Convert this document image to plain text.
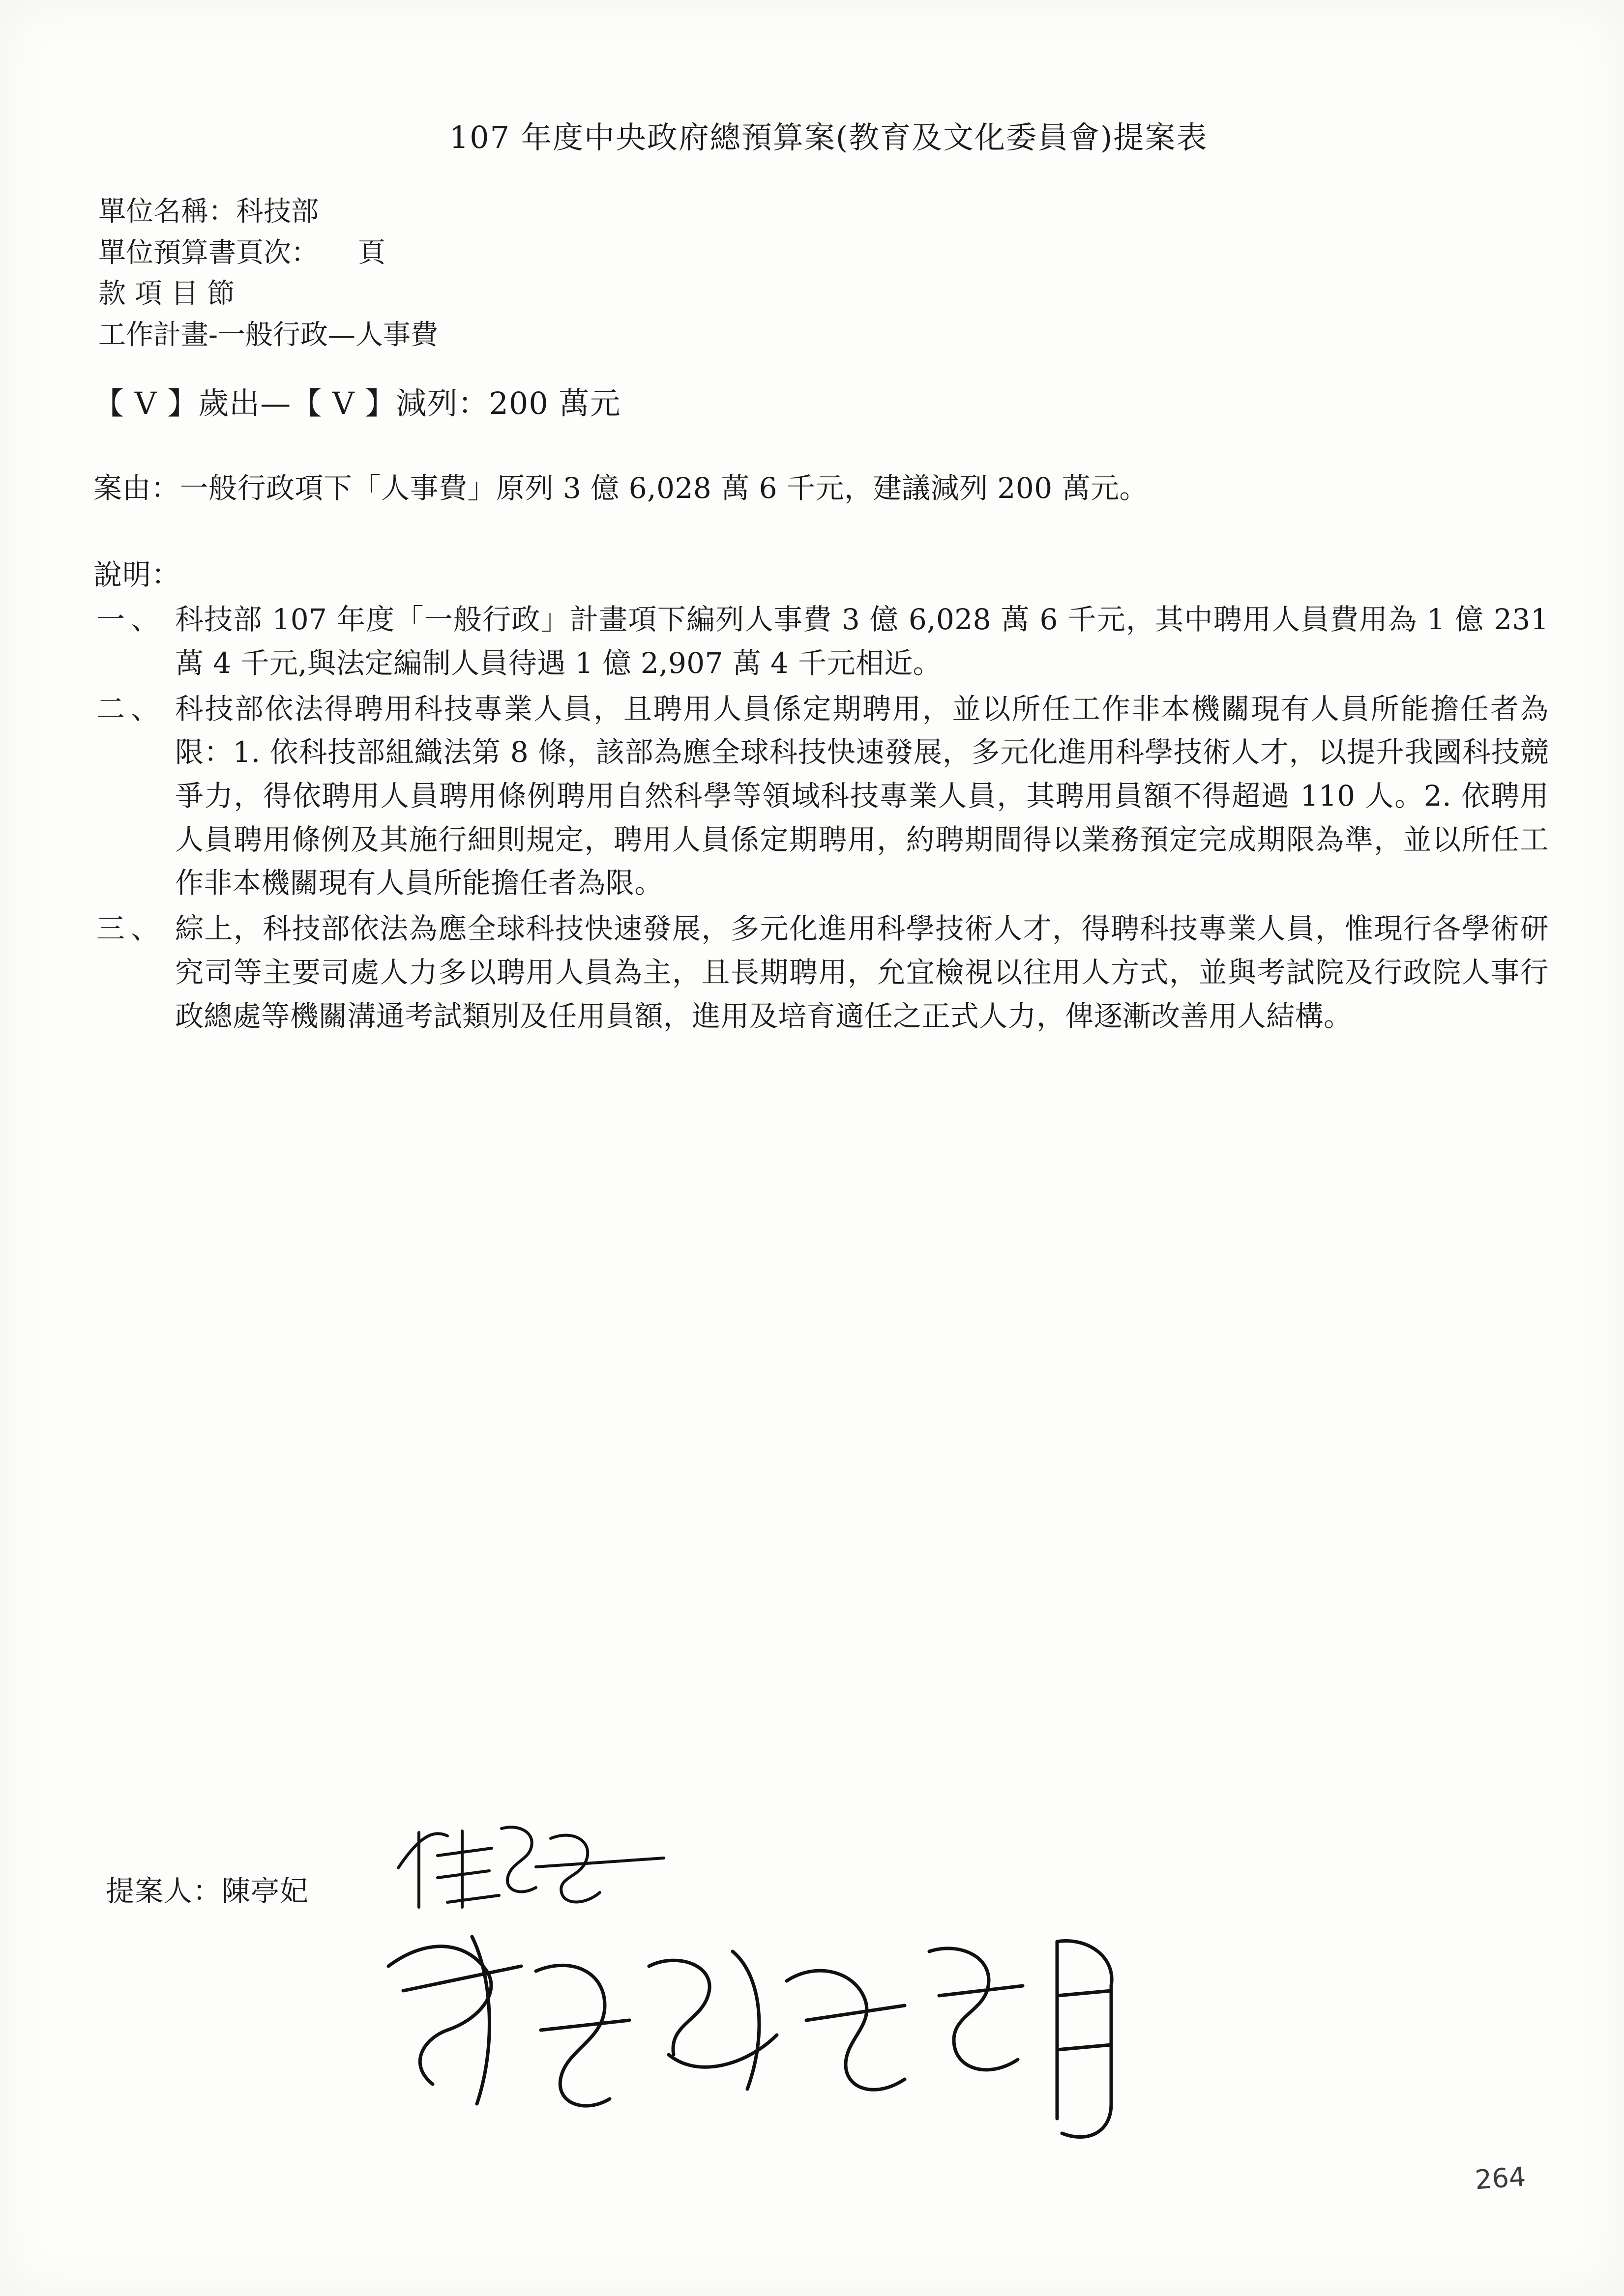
107 年度中央政府總預算案(教育及文化委員會)提案表
單位名稱：科技部
單位預算書頁次： 頁
款 項 目 節
工作計畫-一般行政—人事費
【 V 】歲出—【 V 】減列：200 萬元
案由：一般行政項下「人事費」原列 3 億 6,028 萬 6 千元，建議減列 200 萬元。
說明：
一、 科技部 107 年度「一般行政」計畫項下編列人事費 3 億 6,028 萬 6 千元，其中聘用人員費用為 1 億 231 萬 4 千元,與法定編制人員待遇 1 億 2,907 萬 4 千元相近。
二、 科技部依法得聘用科技專業人員，且聘用人員係定期聘用，並以所任工作非本機關現有人員所能擔任者為限：1. 依科技部組織法第 8 條，該部為應全球科技快速發展，多元化進用科學技術人才，以提升我國科技競爭力，得依聘用人員聘用條例聘用自然科學等領域科技專業人員，其聘用員額不得超過 110 人。2. 依聘用人員聘用條例及其施行細則規定，聘用人員係定期聘用，約聘期間得以業務預定完成期限為準，並以所任工作非本機關現有人員所能擔任者為限。
三、 綜上，科技部依法為應全球科技快速發展，多元化進用科學技術人才，得聘科技專業人員，惟現行各學術研究司等主要司處人力多以聘用人員為主，且長期聘用，允宜檢視以往用人方式，並與考試院及行政院人事行政總處等機關溝通考試類別及任用員額，進用及培育適任之正式人力，俾逐漸改善用人結構。
提案人：陳亭妃
264
